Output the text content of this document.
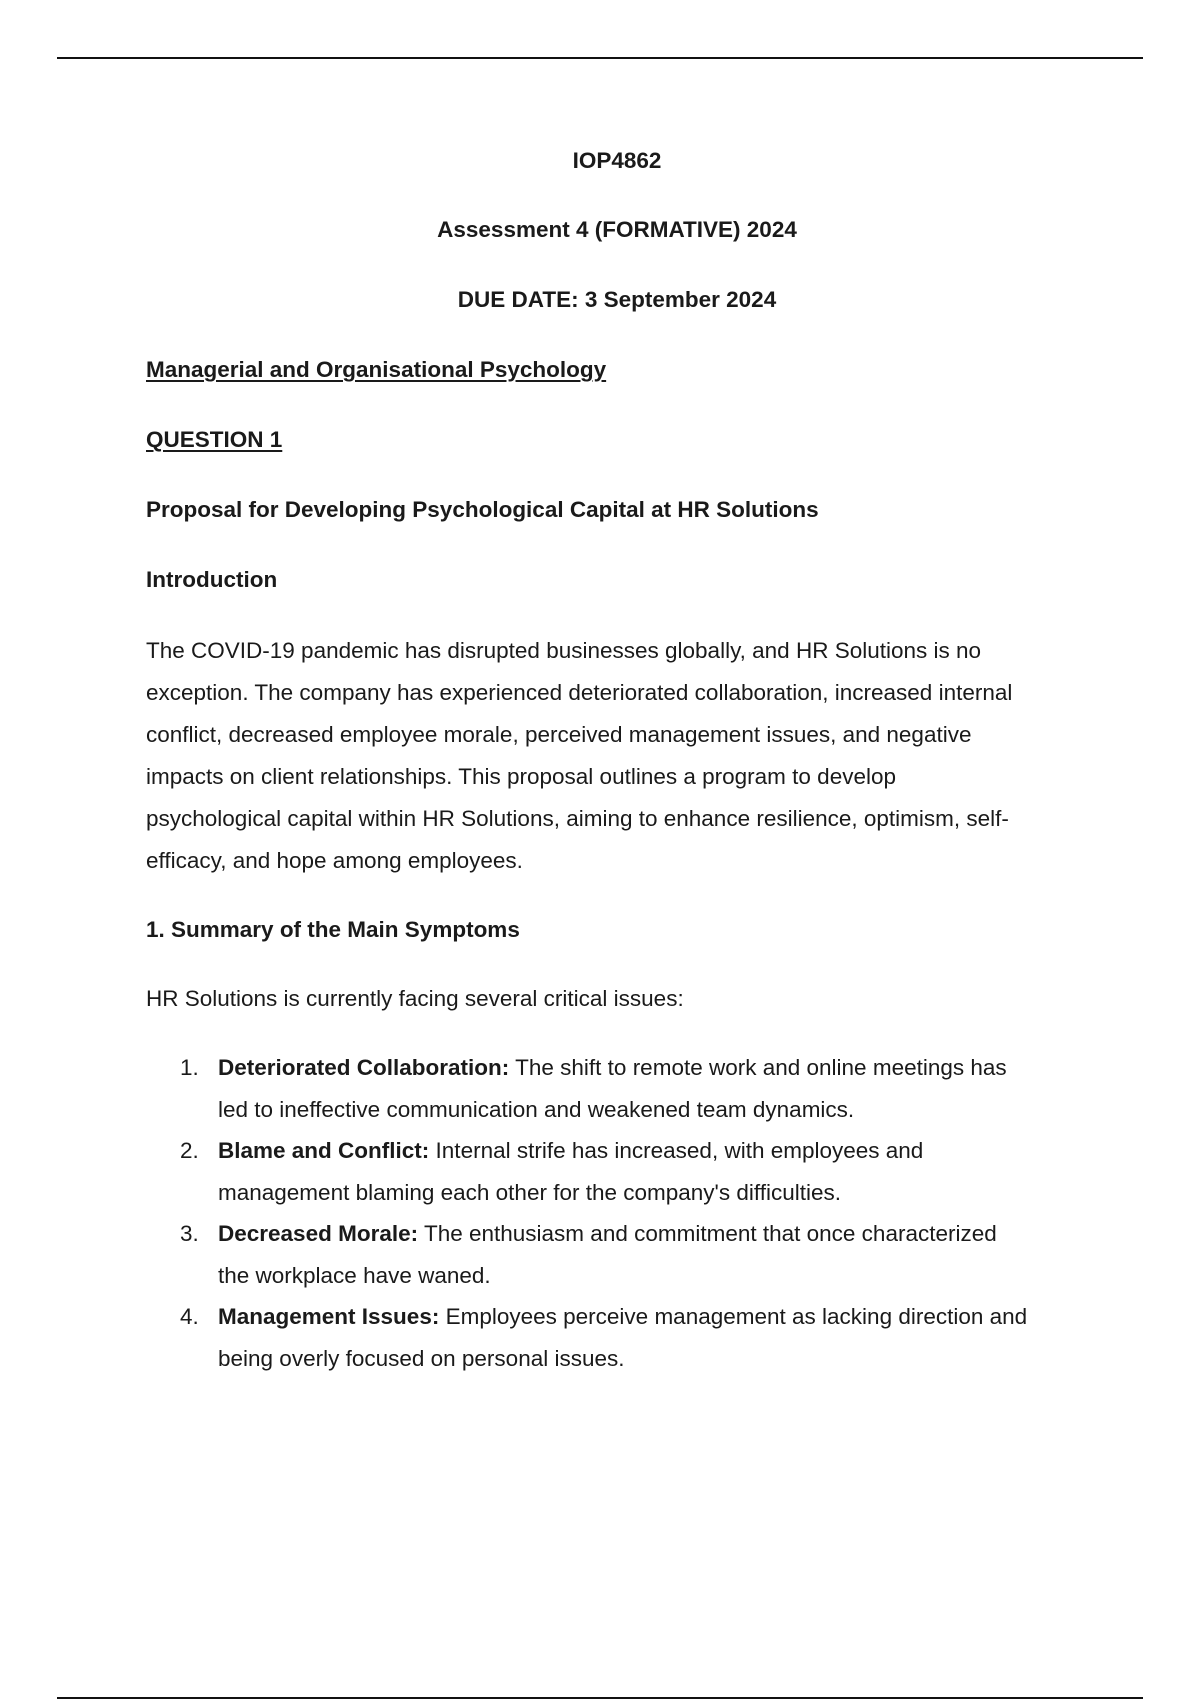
IOP4862

Assessment 4 (FORMATIVE) 2024

DUE DATE: 3 September 2024

Managerial and Organisational Psychology

QUESTION 1

Proposal for Developing Psychological Capital at HR Solutions

Introduction

The COVID-19 pandemic has disrupted businesses globally, and HR Solutions is no
exception. The company has experienced deteriorated collaboration, increased internal
conflict, decreased employee morale, perceived management issues, and negative
impacts on client relationships. This proposal outlines a program to develop
psychological capital within HR Solutions, aiming to enhance resilience, optimism, self-
efficacy, and hope among employees.

1. Summary of the Main Symptoms

HR Solutions is currently facing several critical issues:

1. Deteriorated Collaboration: The shift to remote work and online meetings has
led to ineffective communication and weakened team dynamics.
2. Blame and Conflict: Internal strife has increased, with employees and
management blaming each other for the company's difficulties.
3. Decreased Morale: The enthusiasm and commitment that once characterized
the workplace have waned.
4. Management Issues: Employees perceive management as lacking direction and
being overly focused on personal issues.
